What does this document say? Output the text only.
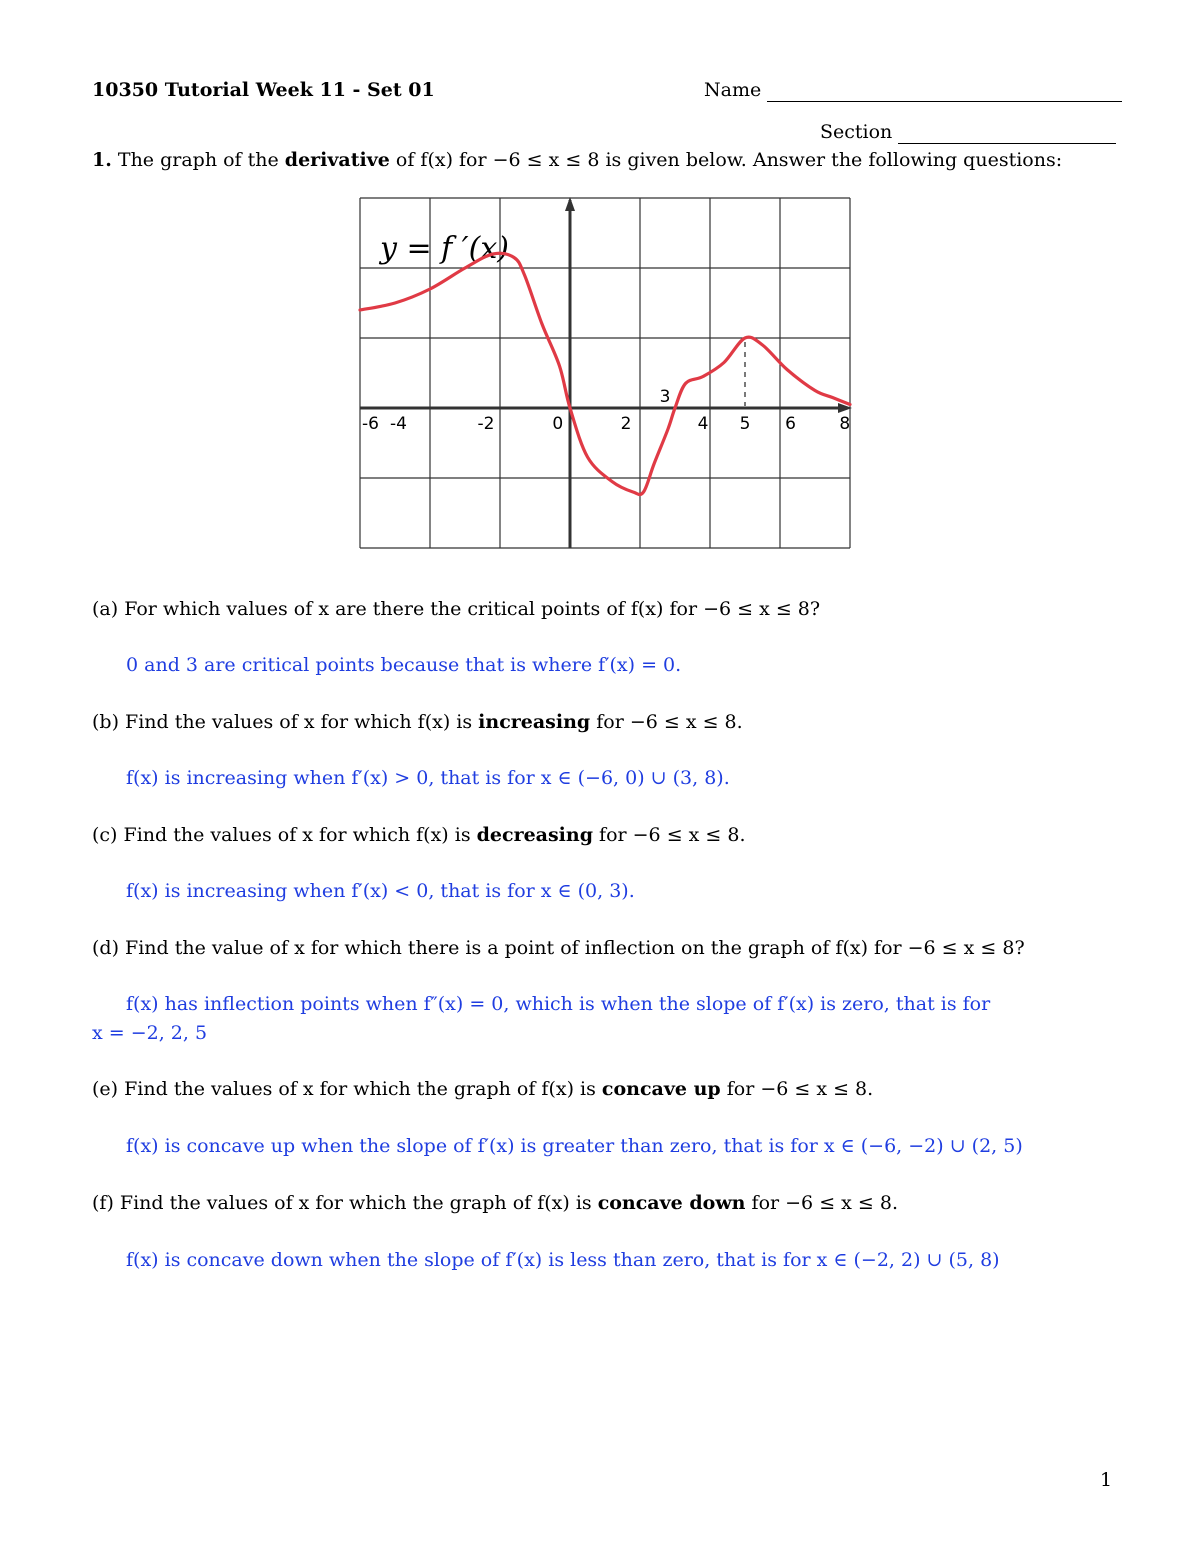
10350 Tutorial Week 11 - Set 01	Name
Section
1. The graph of the derivative of f(x) for −6 ≤ x ≤ 8 is given below. Answer the following questions:
y = f ′(x)
-6 -4	-2	0	2	4 5 6	8
3
(a) For which values of x are there the critical points of f(x) for −6 ≤ x ≤ 8?
0 and 3 are critical points because that is where f′(x) = 0.
(b) Find the values of x for which f(x) is increasing for −6 ≤ x ≤ 8.
f(x) is increasing when f′(x) > 0, that is for x ∈ (−6, 0) ∪ (3, 8).
(c) Find the values of x for which f(x) is decreasing for −6 ≤ x ≤ 8.
f(x) is increasing when f′(x) < 0, that is for x ∈ (0, 3).
(d) Find the value of x for which there is a point of inflection on the graph of f(x) for −6 ≤ x ≤ 8?
f(x) has inflection points when f″(x) = 0, which is when the slope of f′(x) is zero, that is for
x = −2, 2, 5
(e) Find the values of x for which the graph of f(x) is concave up for −6 ≤ x ≤ 8.
f(x) is concave up when the slope of f′(x) is greater than zero, that is for x ∈ (−6, −2) ∪ (2, 5)
(f) Find the values of x for which the graph of f(x) is concave down for −6 ≤ x ≤ 8.
f(x) is concave down when the slope of f′(x) is less than zero, that is for x ∈ (−2, 2) ∪ (5, 8)
1
